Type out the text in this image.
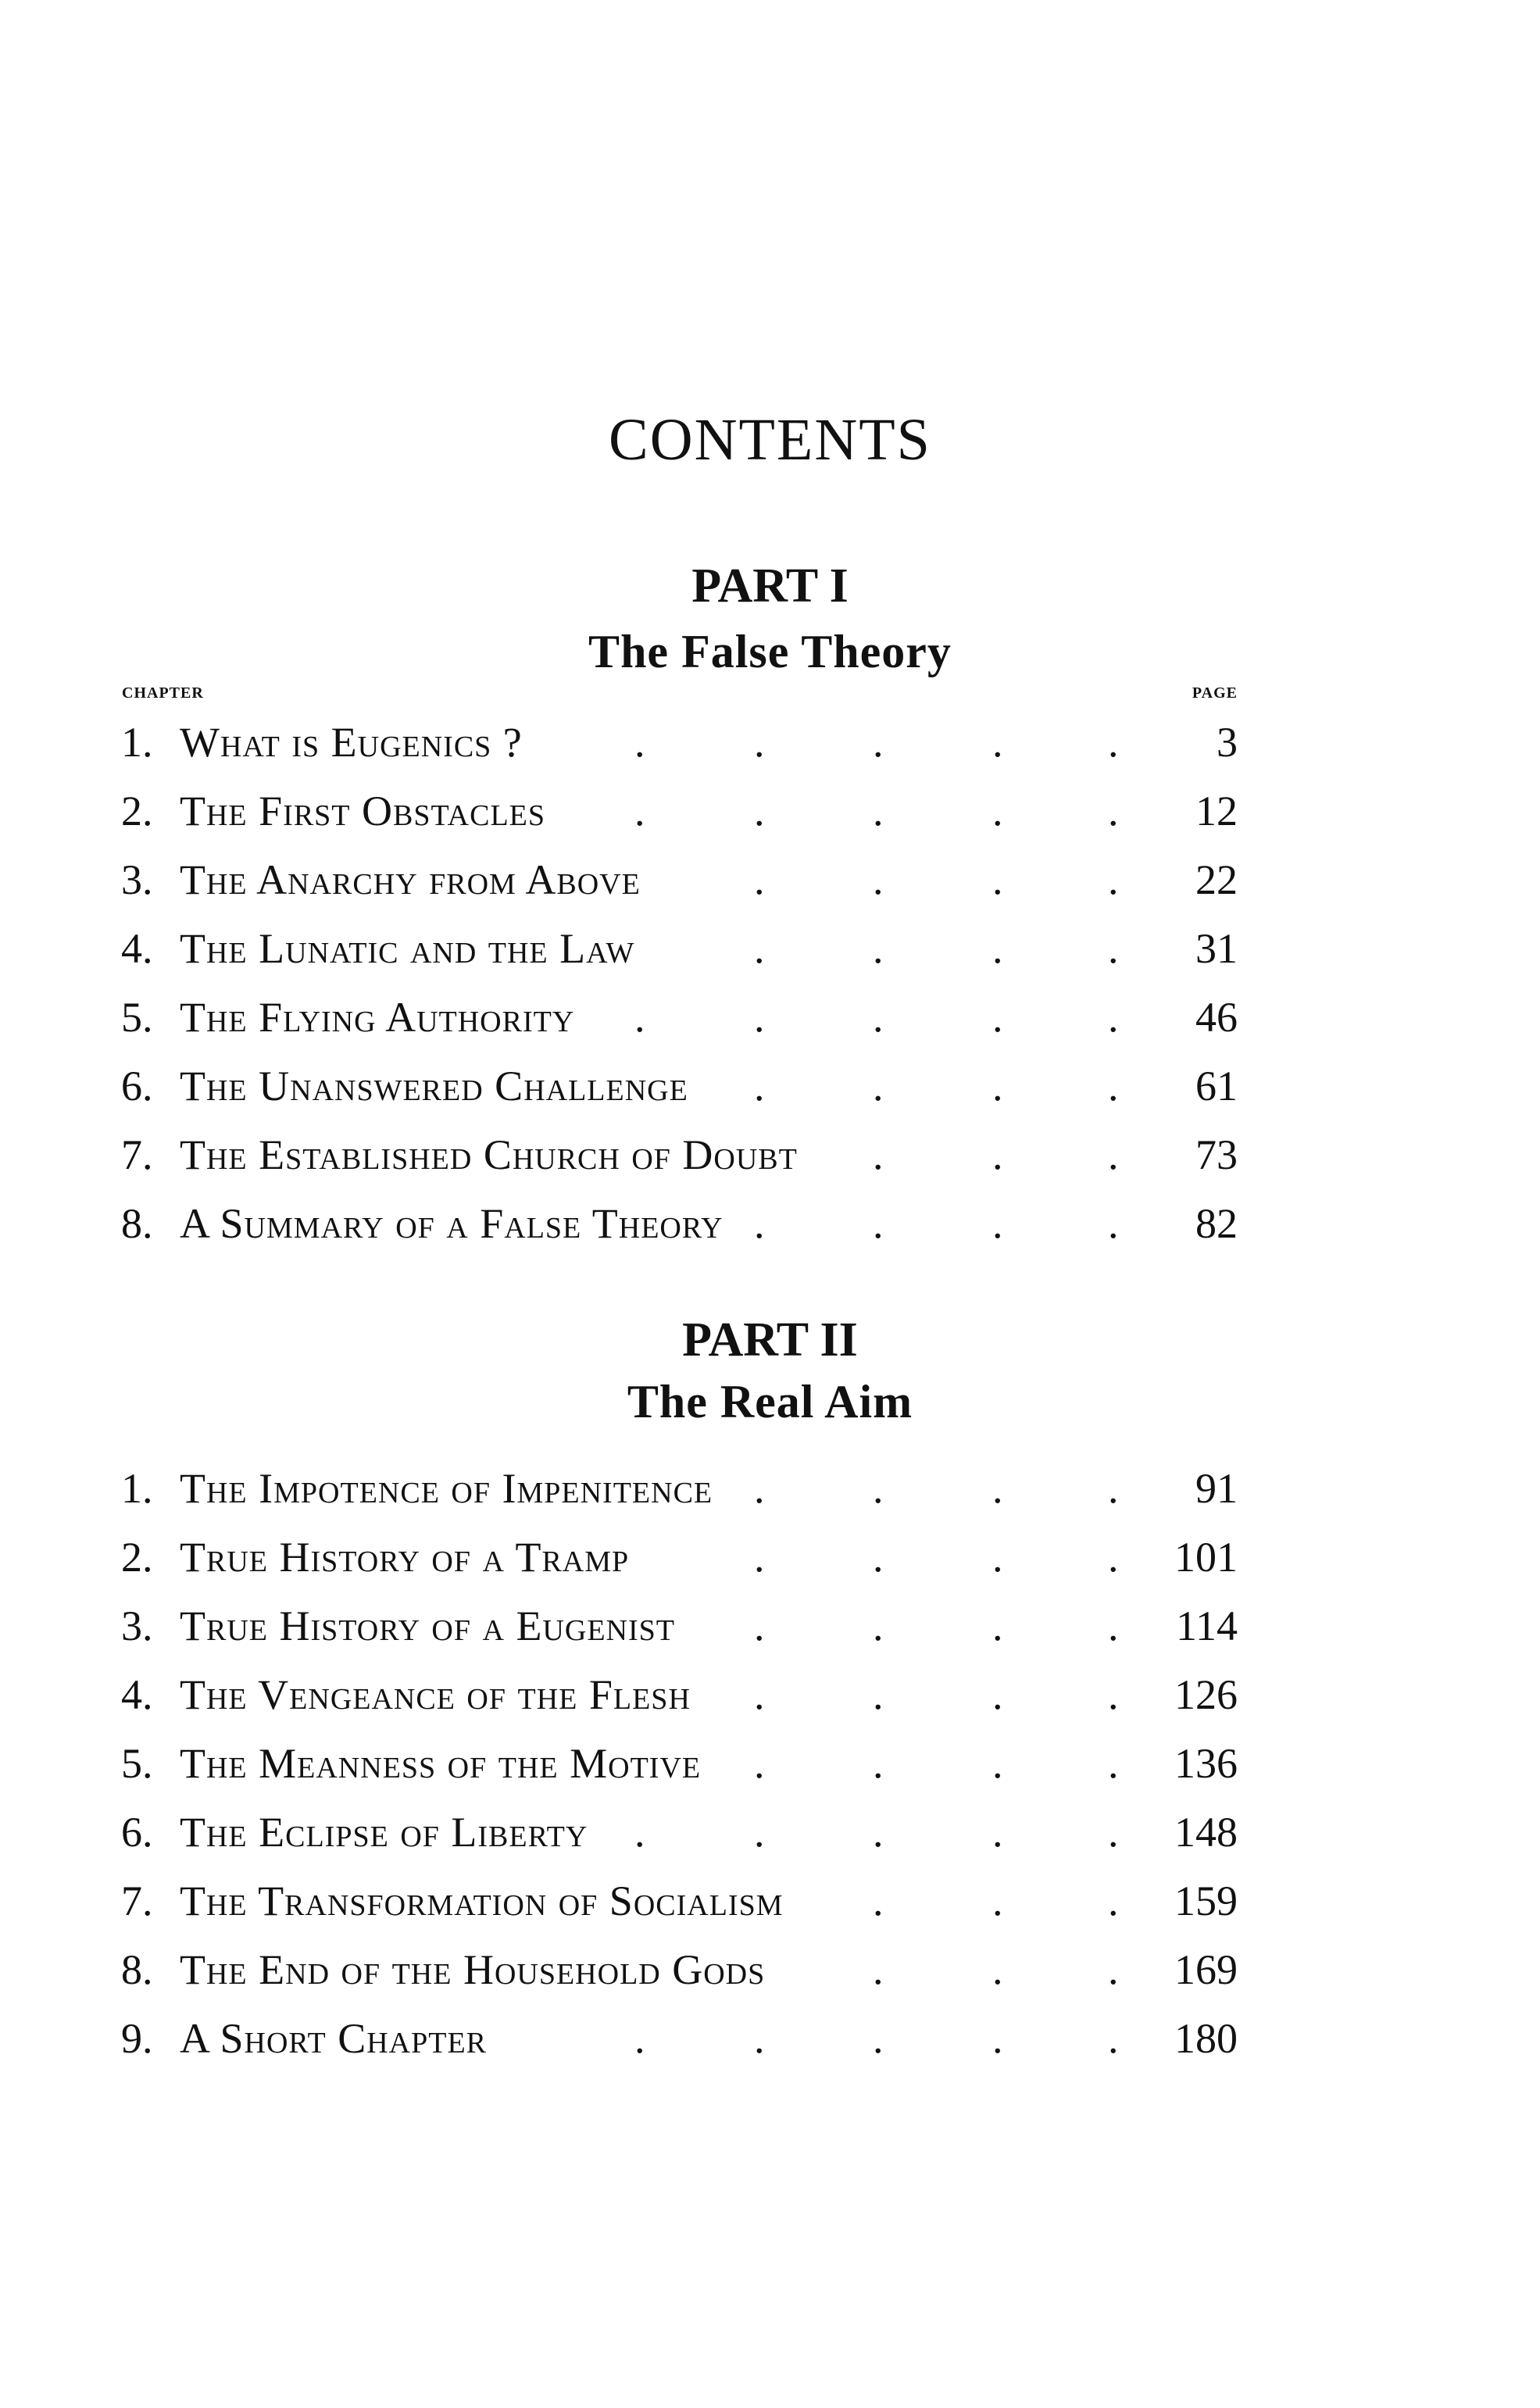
CONTENTS
PART I
The False Theory
CHAPTER	PAGE
PART II
The Real Aim
1. What is Eugenics ?	3
.	.	.	. .
2. The First Obstacles	12
.	.	.	. .
3. The Anarchy from Above	22
.	.	. .
4. The Lunatic and the Law	31
.	.	. .
5. The Flying Authority	46
.	.	.	. .
6. The Unanswered Challenge	61
.	.	. .
7. The Established Church of Doubt	73
.	. .
8. A Summary of a False Theory	82
.	.	. .
1. The Impotence of Impenitence	91
.	.	. .
2. True History of a Tramp	101
.	.	. .
3. True History of a Eugenist	114
.	.	. .
4. The Vengeance of the Flesh	126
.	.	. .
5. The Meanness of the Motive	136
.	.	. .
6. The Eclipse of Liberty	148
.	.	.	. .
7. The Transformation of Socialism	159
.	. .
8. The End of the Household Gods	169
.	. .
9. A Short Chapter	180
.	.	.	. .
